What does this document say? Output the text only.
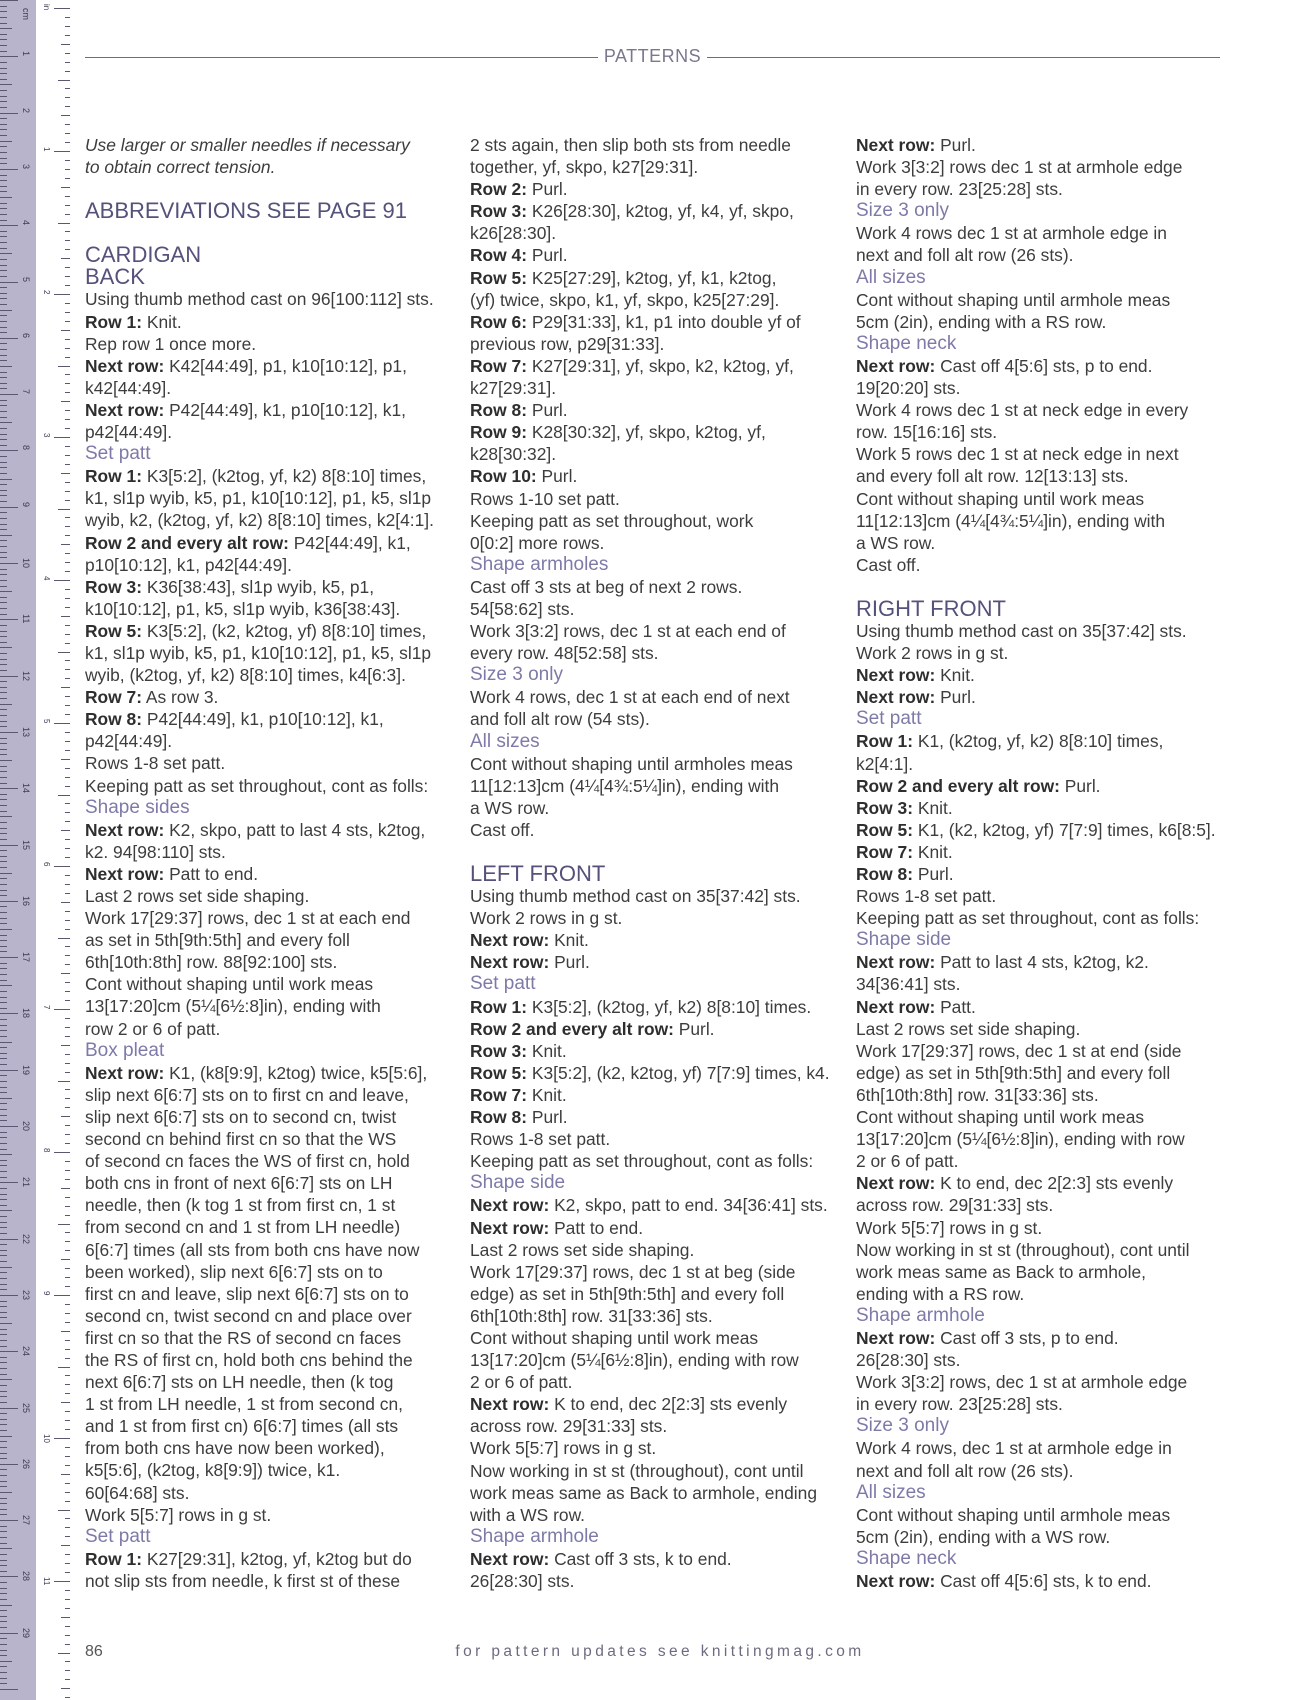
1
2
3
4
5
6
7
8
9
10
11
12
13
14
15
16
17
18
19
20
21
22
23
24
25
26
27
28
29
cm
1
2
3
4
5
6
7
8
9
10
11
in
PATTERNS

Use larger or smaller needles if necessary

to obtain correct tension.

ABBREVIATIONS SEE PAGE 91

CARDIGAN

BACK

Using thumb method cast on 96[100:112] sts.

Row 1: Knit.

Rep row 1 once more.

Next row: K42[44:49], p1, k10[10:12], p1,

k42[44:49].

Next row: P42[44:49], k1, p10[10:12], k1,

p42[44:49].

Set patt

Row 1: K3[5:2], (k2tog, yf, k2) 8[8:10] times,

k1, sl1p wyib, k5, p1, k10[10:12], p1, k5, sl1p

wyib, k2, (k2tog, yf, k2) 8[8:10] times, k2[4:1].

Row 2 and every alt row: P42[44:49], k1,

p10[10:12], k1, p42[44:49].

Row 3: K36[38:43], sl1p wyib, k5, p1,

k10[10:12], p1, k5, sl1p wyib, k36[38:43].

Row 5: K3[5:2], (k2, k2tog, yf) 8[8:10] times,

k1, sl1p wyib, k5, p1, k10[10:12], p1, k5, sl1p

wyib, (k2tog, yf, k2) 8[8:10] times, k4[6:3].

Row 7: As row 3.

Row 8: P42[44:49], k1, p10[10:12], k1,

p42[44:49].

Rows 1-8 set patt.

Keeping patt as set throughout, cont as folls:

Shape sides

Next row: K2, skpo, patt to last 4 sts, k2tog,

k2. 94[98:110] sts.

Next row: Patt to end.

Last 2 rows set side shaping.

Work 17[29:37] rows, dec 1 st at each end

as set in 5th[9th:5th] and every foll

6th[10th:8th] row. 88[92:100] sts.

Cont without shaping until work meas

13[17:20]cm (5¼[6½:8]in), ending with

row 2 or 6 of patt.

Box pleat

Next row: K1, (k8[9:9], k2tog) twice, k5[5:6],

slip next 6[6:7] sts on to first cn and leave,

slip next 6[6:7] sts on to second cn, twist

second cn behind first cn so that the WS

of second cn faces the WS of first cn, hold

both cns in front of next 6[6:7] sts on LH

needle, then (k tog 1 st from first cn, 1 st

from second cn and 1 st from LH needle)

6[6:7] times (all sts from both cns have now

been worked), slip next 6[6:7] sts on to

first cn and leave, slip next 6[6:7] sts on to

second cn, twist second cn and place over

first cn so that the RS of second cn faces

the RS of first cn, hold both cns behind the

next 6[6:7] sts on LH needle, then (k tog

1 st from LH needle, 1 st from second cn,

and 1 st from first cn) 6[6:7] times (all sts

from both cns have now been worked),

k5[5:6], (k2tog, k8[9:9]) twice, k1.

60[64:68] sts.

Work 5[5:7] rows in g st.

Set patt

Row 1: K27[29:31], k2tog, yf, k2tog but do

not slip sts from needle, k first st of these

2 sts again, then slip both sts from needle

together, yf, skpo, k27[29:31].

Row 2: Purl.

Row 3: K26[28:30], k2tog, yf, k4, yf, skpo,

k26[28:30].

Row 4: Purl.

Row 5: K25[27:29], k2tog, yf, k1, k2tog,

(yf) twice, skpo, k1, yf, skpo, k25[27:29].

Row 6: P29[31:33], k1, p1 into double yf of

previous row, p29[31:33].

Row 7: K27[29:31], yf, skpo, k2, k2tog, yf,

k27[29:31].

Row 8: Purl.

Row 9: K28[30:32], yf, skpo, k2tog, yf,

k28[30:32].

Row 10: Purl.

Rows 1-10 set patt.

Keeping patt as set throughout, work

0[0:2] more rows.

Shape armholes

Cast off 3 sts at beg of next 2 rows.

54[58:62] sts.

Work 3[3:2] rows, dec 1 st at each end of

every row. 48[52:58] sts.

Size 3 only

Work 4 rows, dec 1 st at each end of next

and foll alt row (54 sts).

All sizes

Cont without shaping until armholes meas

11[12:13]cm (4¼[4¾:5¼]in), ending with

a WS row.

Cast off.

LEFT FRONT

Using thumb method cast on 35[37:42] sts.

Work 2 rows in g st.

Next row: Knit.

Next row: Purl.

Set patt

Row 1: K3[5:2], (k2tog, yf, k2) 8[8:10] times.

Row 2 and every alt row: Purl.

Row 3: Knit.

Row 5: K3[5:2], (k2, k2tog, yf) 7[7:9] times, k4.

Row 7: Knit.

Row 8: Purl.

Rows 1-8 set patt.

Keeping patt as set throughout, cont as folls:

Shape side

Next row: K2, skpo, patt to end. 34[36:41] sts.

Next row: Patt to end.

Last 2 rows set side shaping.

Work 17[29:37] rows, dec 1 st at beg (side

edge) as set in 5th[9th:5th] and every foll

6th[10th:8th] row. 31[33:36] sts.

Cont without shaping until work meas

13[17:20]cm (5¼[6½:8]in), ending with row

2 or 6 of patt.

Next row: K to end, dec 2[2:3] sts evenly

across row. 29[31:33] sts.

Work 5[5:7] rows in g st.

Now working in st st (throughout), cont until

work meas same as Back to armhole, ending

with a WS row.

Shape armhole

Next row: Cast off 3 sts, k to end.

26[28:30] sts.

Next row: Purl.

Work 3[3:2] rows dec 1 st at armhole edge

in every row. 23[25:28] sts.

Size 3 only

Work 4 rows dec 1 st at armhole edge in

next and foll alt row (26 sts).

All sizes

Cont without shaping until armhole meas

5cm (2in), ending with a RS row.

Shape neck

Next row: Cast off 4[5:6] sts, p to end.

19[20:20] sts.

Work 4 rows dec 1 st at neck edge in every

row. 15[16:16] sts.

Work 5 rows dec 1 st at neck edge in next

and every foll alt row. 12[13:13] sts.

Cont without shaping until work meas

11[12:13]cm (4¼[4¾:5¼]in), ending with

a WS row.

Cast off.

RIGHT FRONT

Using thumb method cast on 35[37:42] sts.

Work 2 rows in g st.

Next row: Knit.

Next row: Purl.

Set patt

Row 1: K1, (k2tog, yf, k2) 8[8:10] times,

k2[4:1].

Row 2 and every alt row: Purl.

Row 3: Knit.

Row 5: K1, (k2, k2tog, yf) 7[7:9] times, k6[8:5].

Row 7: Knit.

Row 8: Purl.

Rows 1-8 set patt.

Keeping patt as set throughout, cont as folls:

Shape side

Next row: Patt to last 4 sts, k2tog, k2.

34[36:41] sts.

Next row: Patt.

Last 2 rows set side shaping.

Work 17[29:37] rows, dec 1 st at end (side

edge) as set in 5th[9th:5th] and every foll

6th[10th:8th] row. 31[33:36] sts.

Cont without shaping until work meas

13[17:20]cm (5¼[6½:8]in), ending with row

2 or 6 of patt.

Next row: K to end, dec 2[2:3] sts evenly

across row. 29[31:33] sts.

Work 5[5:7] rows in g st.

Now working in st st (throughout), cont until

work meas same as Back to armhole,

ending with a RS row.

Shape armhole

Next row: Cast off 3 sts, p to end.

26[28:30] sts.

Work 3[3:2] rows, dec 1 st at armhole edge

in every row. 23[25:28] sts.

Size 3 only

Work 4 rows, dec 1 st at armhole edge in

next and foll alt row (26 sts).

All sizes

Cont without shaping until armhole meas

5cm (2in), ending with a WS row.

Shape neck

Next row: Cast off 4[5:6] sts, k to end.

86	for pattern updates see knittingmag.com
